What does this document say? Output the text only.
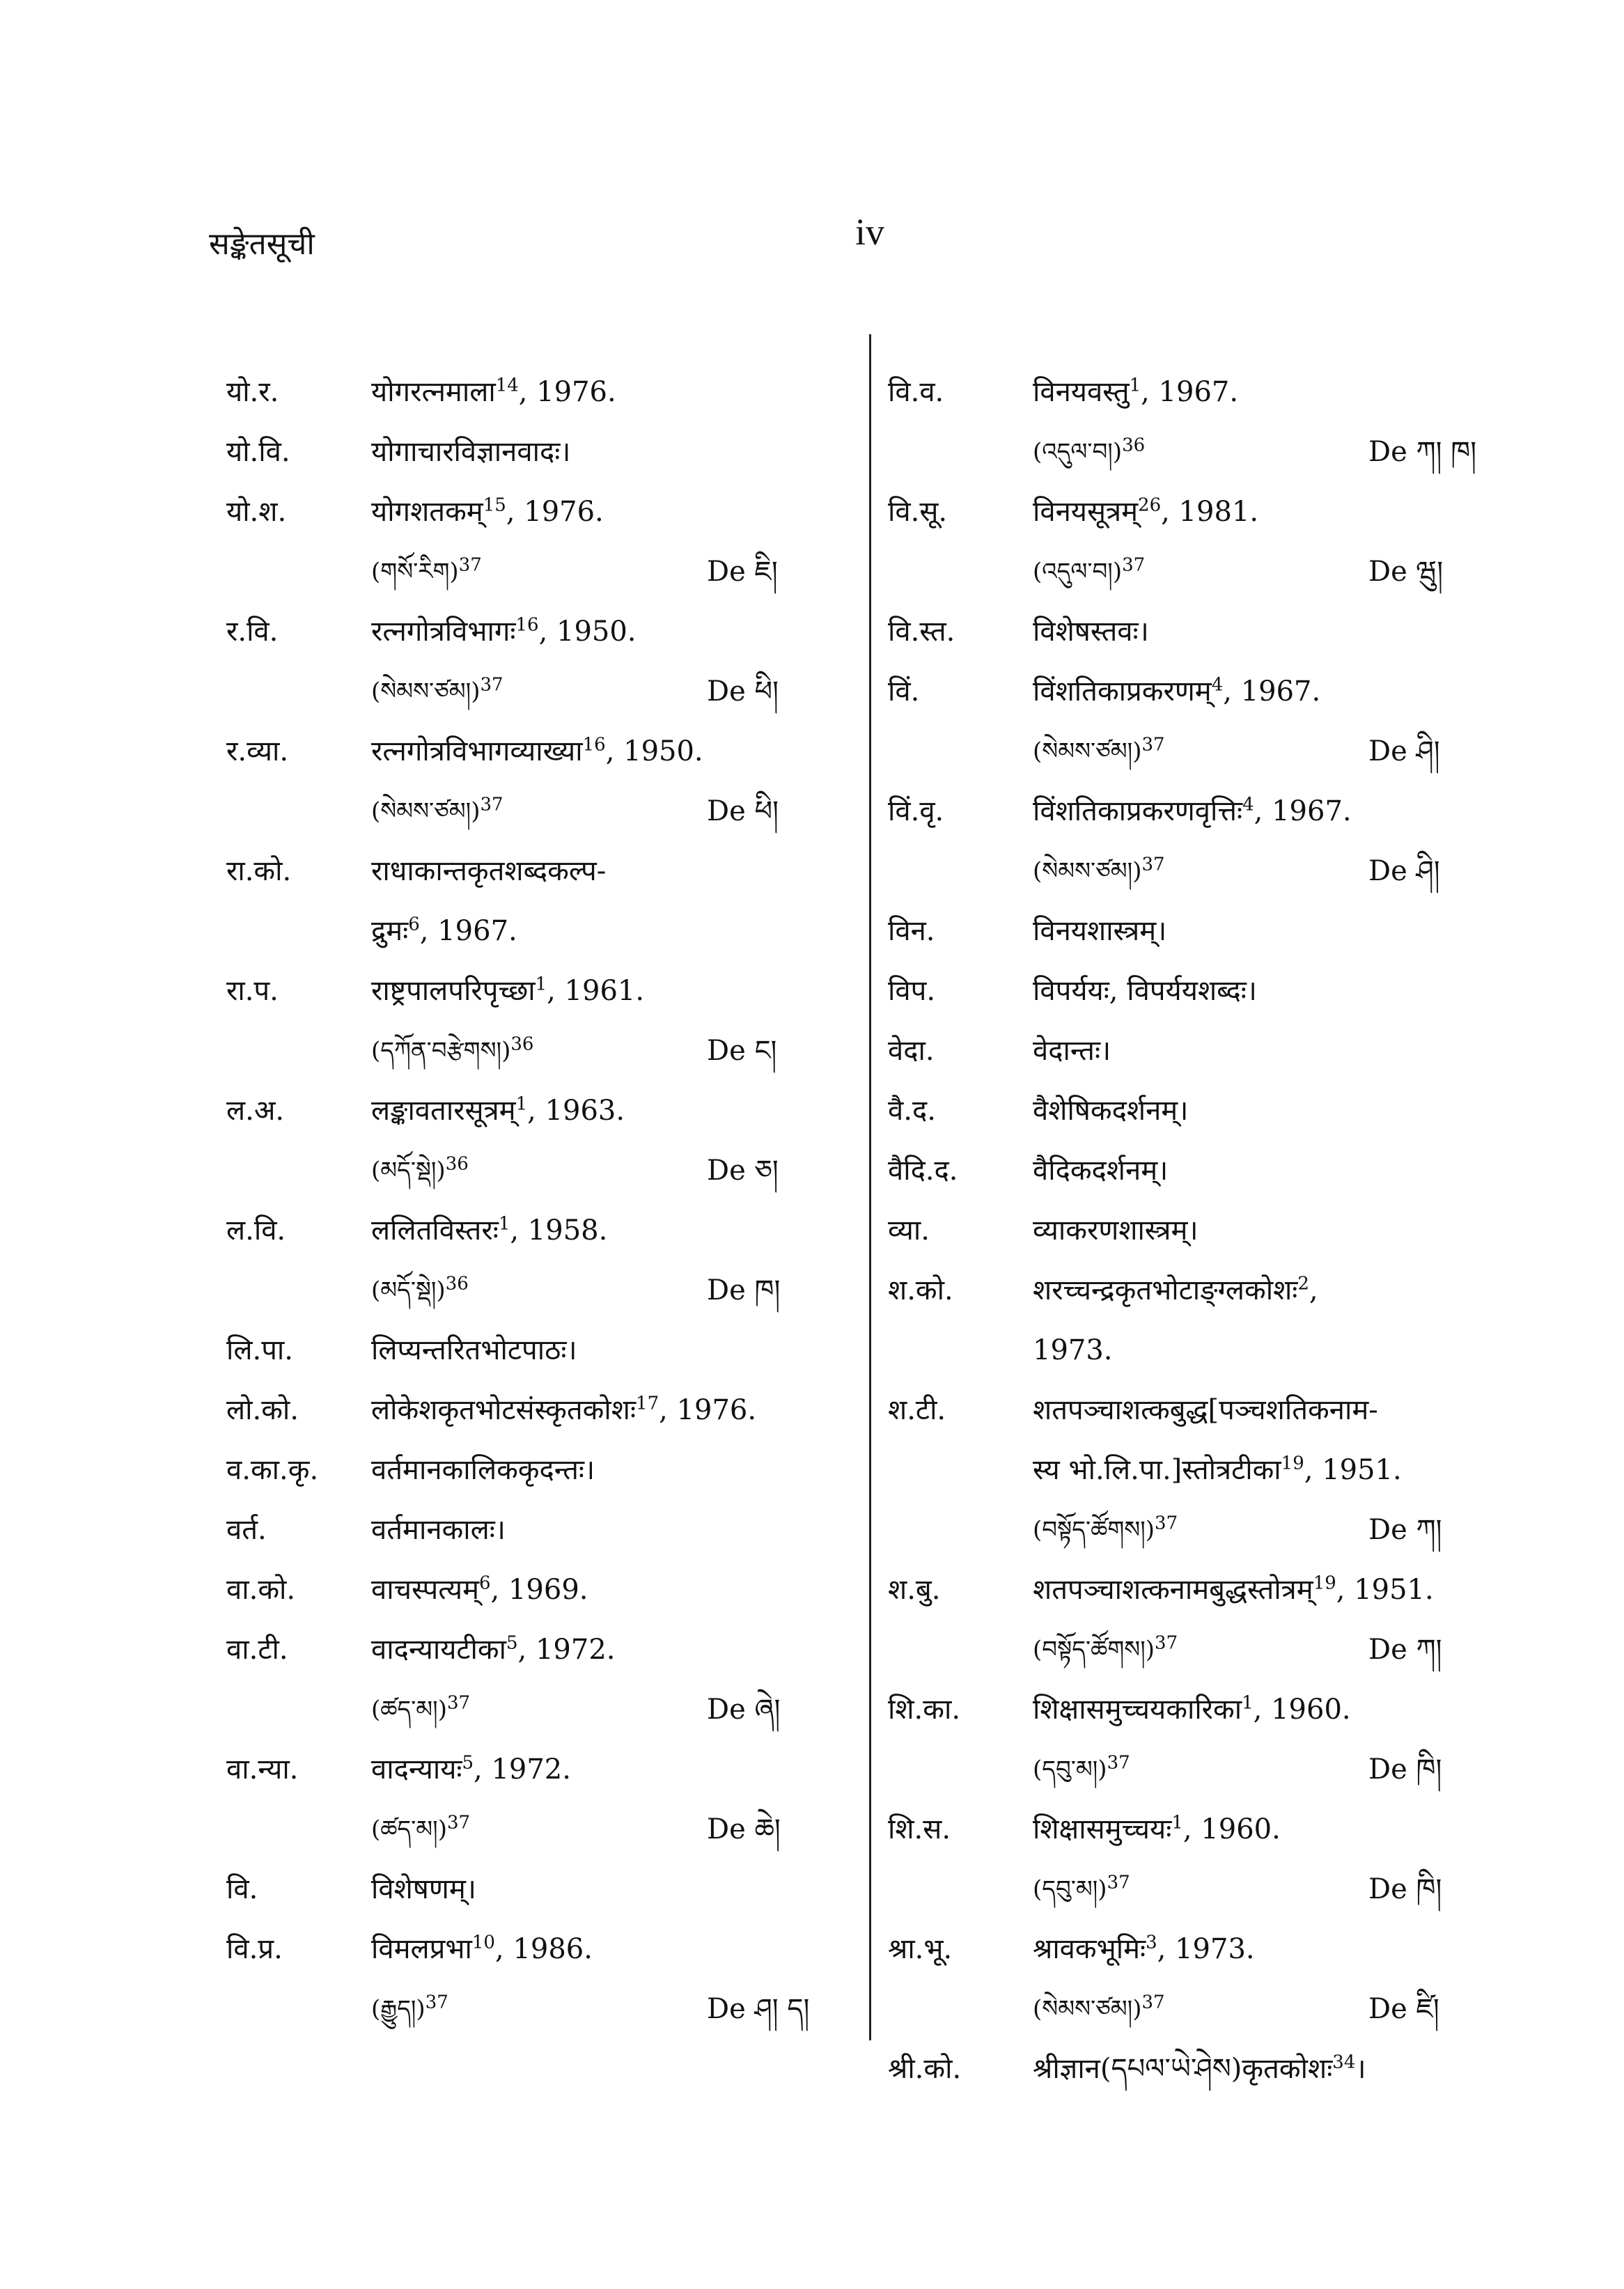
सङ्केतसूची	iv
यो.र.	योगरत्नमाला$^{14}$, 1976.
यो.वि.	योगाचारविज्ञानवादः।
यो.श.	योगशतकम्$^{15}$, 1976.
(གསོ་རིག)$^{37}$	De ཇི།
र.वि.	रत्नगोत्रविभागः$^{16}$, 1950.
(སེམས་ཙམ།)$^{37}$	De ཕི།
र.व्या.	रत्नगोत्रविभागव्याख्या$^{16}$, 1950.
(སེམས་ཙམ།)$^{37}$	De ཕི།
रा.को.	राधाकान्तकृतशब्दकल्प-
द्रुमः$^6$, 1967.
रा.प.	राष्ट्रपालपरिपृच्छा$^1$, 1961.
(དཀོན་བརྩེགས།)$^{36}$	De ང།
ल.अ.	लङ्कावतारसूत्रम्$^1$, 1963.
(མདོ་སྡེ།)$^{36}$	De ཅ།
ल.वि.	ललितविस्तरः$^1$, 1958.
(མདོ་སྡེ།)$^{36}$	De ཁ།
लि.पा.	लिप्यन्तरितभोटपाठः।
लो.को.	लोकेशकृतभोटसंस्कृतकोशः$^{17}$, 1976.
व.का.कृ.	वर्तमानकालिककृदन्तः।
वर्त.	वर्तमानकालः।
वा.को.	वाचस्पत्यम्$^6$, 1969.
वा.टी.	वादन्यायटीका$^5$, 1972.
(ཚད་མ།)$^{37}$	De ཞེ།
वा.न्या.	वादन्यायः$^5$, 1972.
(ཚད་མ།)$^{37}$	De ཆེ།
वि.	विशेषणम्।
वि.प्र.	विमलप्रभा$^{10}$, 1986.
(རྒྱུད།)$^{37}$	De ཤ། ད།
वि.व.	विनयवस्तु$^1$, 1967.
(འདུལ་བ།)$^{36}$	De ཀ། ཁ།
वि.सू.	विनयसूत्रम्$^{26}$, 1981.
(འདུལ་བ།)$^{37}$	De ཝུ།
वि.स्त.	विशेषस्तवः।
विं.	विंशतिकाप्रकरणम्$^4$, 1967.
(སེམས་ཙམ།)$^{37}$	De ཤི།
विं.वृ.	विंशतिकाप्रकरणवृत्तिः$^4$, 1967.
(སེམས་ཙམ།)$^{37}$	De ཤི།
विन.	विनयशास्त्रम्।
विप.	विपर्ययः, विपर्ययशब्दः।
वेदा.	वेदान्तः।
वै.द.	वैशेषिकदर्शनम्।
वैदि.द.	वैदिकदर्शनम्।
व्या.	व्याकरणशास्त्रम्।
श.को.	शरच्चन्द्रकृतभोटाङ्ग्लकोशः$^2$,
1973.
श.टी.	शतपञ्चाशत्कबुद्ध[पञ्चशतिकनाम-
स्य भो.लि.पा.]स्तोत्रटीका$^{19}$, 1951.
(བསྟོད་ཚོགས།)$^{37}$	De ཀ།
श.बु.	शतपञ्चाशत्कनामबुद्धस्तोत्रम्$^{19}$, 1951.
(བསྟོད་ཚོགས།)$^{37}$	De ཀ།
शि.का.	शिक्षासमुच्चयकारिका$^1$, 1960.
(དབུ་མ།)$^{37}$	De ཁི།
शि.स.	शिक्षासमुच्चयः$^1$, 1960.
(དབུ་མ།)$^{37}$	De ཁི།
श्रा.भू.	श्रावकभूमिः$^3$, 1973.
(སེམས་ཙམ།)$^{37}$	De ཛི།
श्री.को.	श्रीज्ञान(དཔལ་ཡེ་ཤེས)कृतकोशः$^{34}$।
